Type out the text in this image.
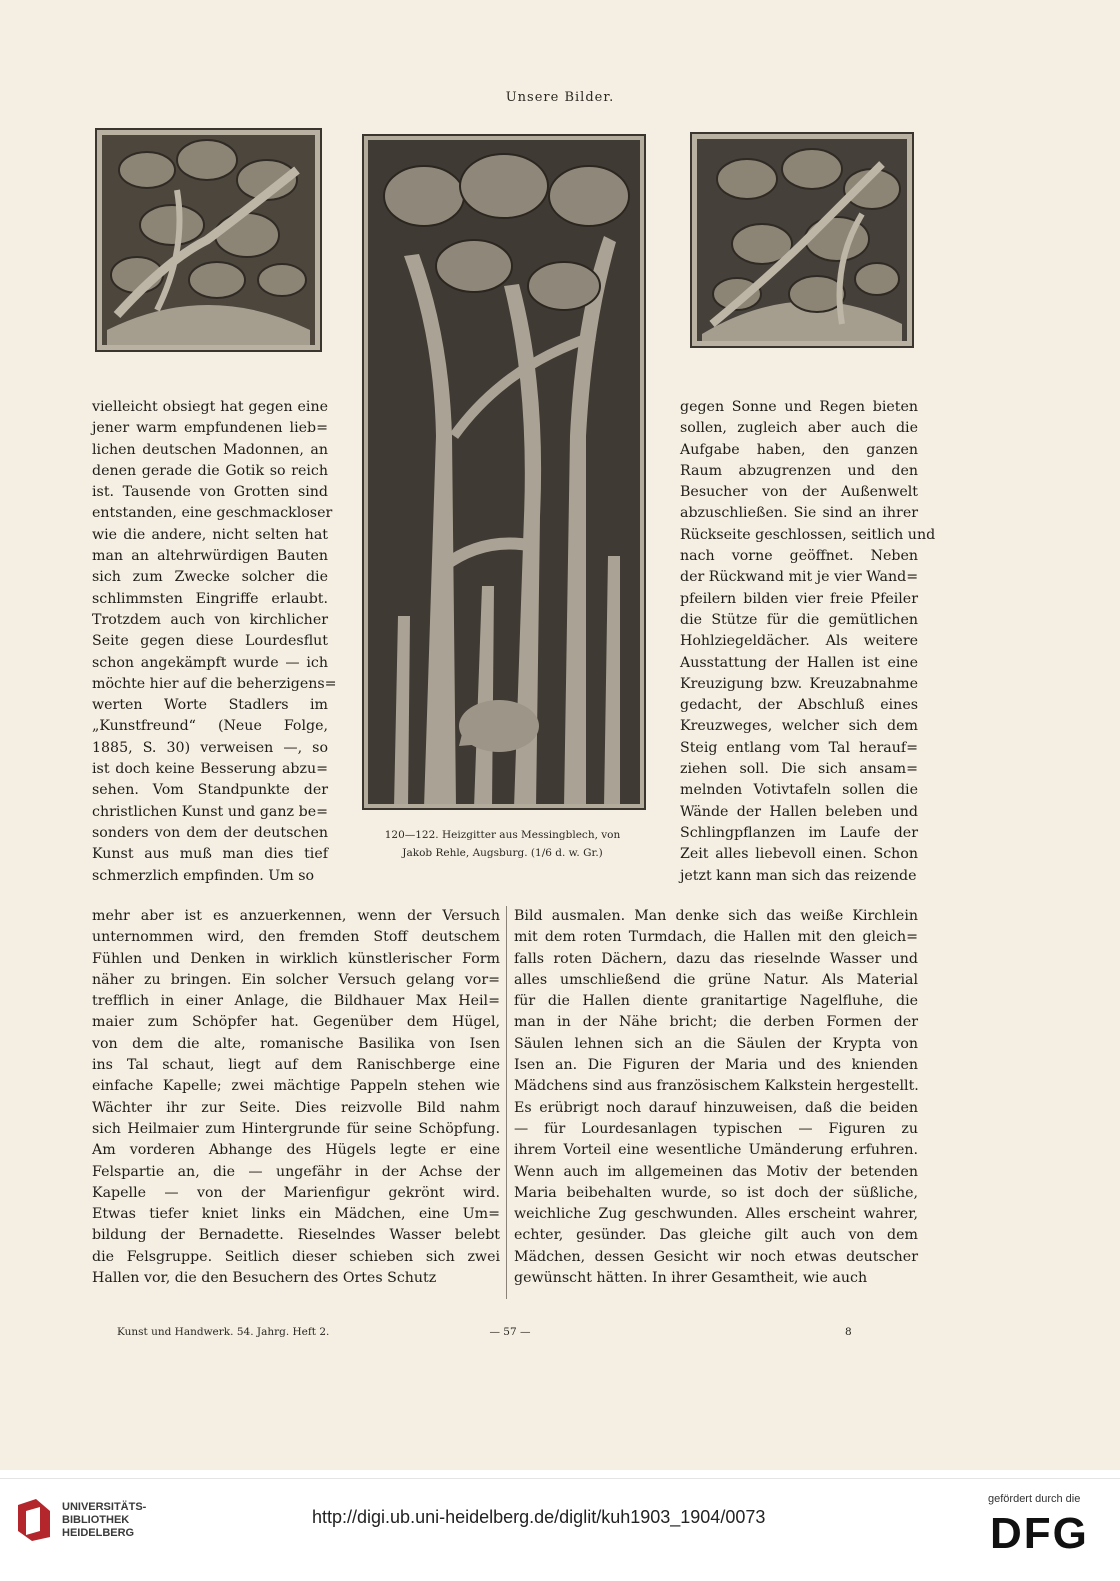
Unsere Bilder.
120—122. Heizgitter aus Messingblech, von
Jakob Rehle, Augsburg. (1/6 d. w. Gr.)
vielleicht obsiegt hat gegen eine
jener warm empfundenen lieb=
lichen deutschen Madonnen, an
denen gerade die Gotik so reich
ist. Tausende von Grotten sind
entstanden, eine geschmackloser
wie die andere, nicht selten hat
man an altehrwürdigen Bauten
sich zum Zwecke solcher die
schlimmsten Eingriffe erlaubt.
Trotzdem auch von kirchlicher
Seite gegen diese Lourdesflut
schon angekämpft wurde — ich
möchte hier auf die beherzigens=
werten Worte Stadlers im
„Kunstfreund“ (Neue Folge,
1885, S. 30) verweisen —, so
ist doch keine Besserung abzu=
sehen. Vom Standpunkte der
christlichen Kunst und ganz be=
sonders von dem der deutschen
Kunst aus muß man dies tief
schmerzlich empfinden. Um so
gegen Sonne und Regen bieten
sollen, zugleich aber auch die
Aufgabe haben, den ganzen
Raum abzugrenzen und den
Besucher von der Außenwelt
abzuschließen. Sie sind an ihrer
Rückseite geschlossen, seitlich und
nach vorne geöffnet. Neben
der Rückwand mit je vier Wand=
pfeilern bilden vier freie Pfeiler
die Stütze für die gemütlichen
Hohlziegeldächer. Als weitere
Ausstattung der Hallen ist eine
Kreuzigung bzw. Kreuzabnahme
gedacht, der Abschluß eines
Kreuzweges, welcher sich dem
Steig entlang vom Tal herauf=
ziehen soll. Die sich ansam=
melnden Votivtafeln sollen die
Wände der Hallen beleben und
Schlingpflanzen im Laufe der
Zeit alles liebevoll einen. Schon
jetzt kann man sich das reizende
mehr aber ist es anzuerkennen, wenn der Versuch
unternommen wird, den fremden Stoff deutschem
Fühlen und Denken in wirklich künstlerischer Form
näher zu bringen. Ein solcher Versuch gelang vor=
trefflich in einer Anlage, die Bildhauer Max Heil=
maier zum Schöpfer hat. Gegenüber dem Hügel,
von dem die alte, romanische Basilika von Isen
ins Tal schaut, liegt auf dem Ranischberge eine
einfache Kapelle; zwei mächtige Pappeln stehen wie
Wächter ihr zur Seite. Dies reizvolle Bild nahm
sich Heilmaier zum Hintergrunde für seine Schöpfung.
Am vorderen Abhange des Hügels legte er eine
Felspartie an, die — ungefähr in der Achse der
Kapelle — von der Marienfigur gekrönt wird.
Etwas tiefer kniet links ein Mädchen, eine Um=
bildung der Bernadette. Rieselndes Wasser belebt
die Felsgruppe. Seitlich dieser schieben sich zwei
Hallen vor, die den Besuchern des Ortes Schutz
Bild ausmalen. Man denke sich das weiße Kirchlein
mit dem roten Turmdach, die Hallen mit den gleich=
falls roten Dächern, dazu das rieselnde Wasser und
alles umschließend die grüne Natur. Als Material
für die Hallen diente granitartige Nagelfluhe, die
man in der Nähe bricht; die derben Formen der
Säulen lehnen sich an die Säulen der Krypta von
Isen an. Die Figuren der Maria und des knienden
Mädchens sind aus französischem Kalkstein hergestellt.
Es erübrigt noch darauf hinzuweisen, daß die beiden
— für Lourdesanlagen typischen — Figuren zu
ihrem Vorteil eine wesentliche Umänderung erfuhren.
Wenn auch im allgemeinen das Motiv der betenden
Maria beibehalten wurde, so ist doch der süßliche,
weichliche Zug geschwunden. Alles erscheint wahrer,
echter, gesünder. Das gleiche gilt auch von dem
Mädchen, dessen Gesicht wir noch etwas deutscher
gewünscht hätten. In ihrer Gesamtheit, wie auch
Kunst und Handwerk. 54. Jahrg. Heft 2.	— 57 —	8
UNIVERSITÄTS-
BIBLIOTHEK
HEIDELBERG
http://digi.ub.uni-heidelberg.de/diglit/kuh1903_1904/0073
gefördert durch die
DFG
